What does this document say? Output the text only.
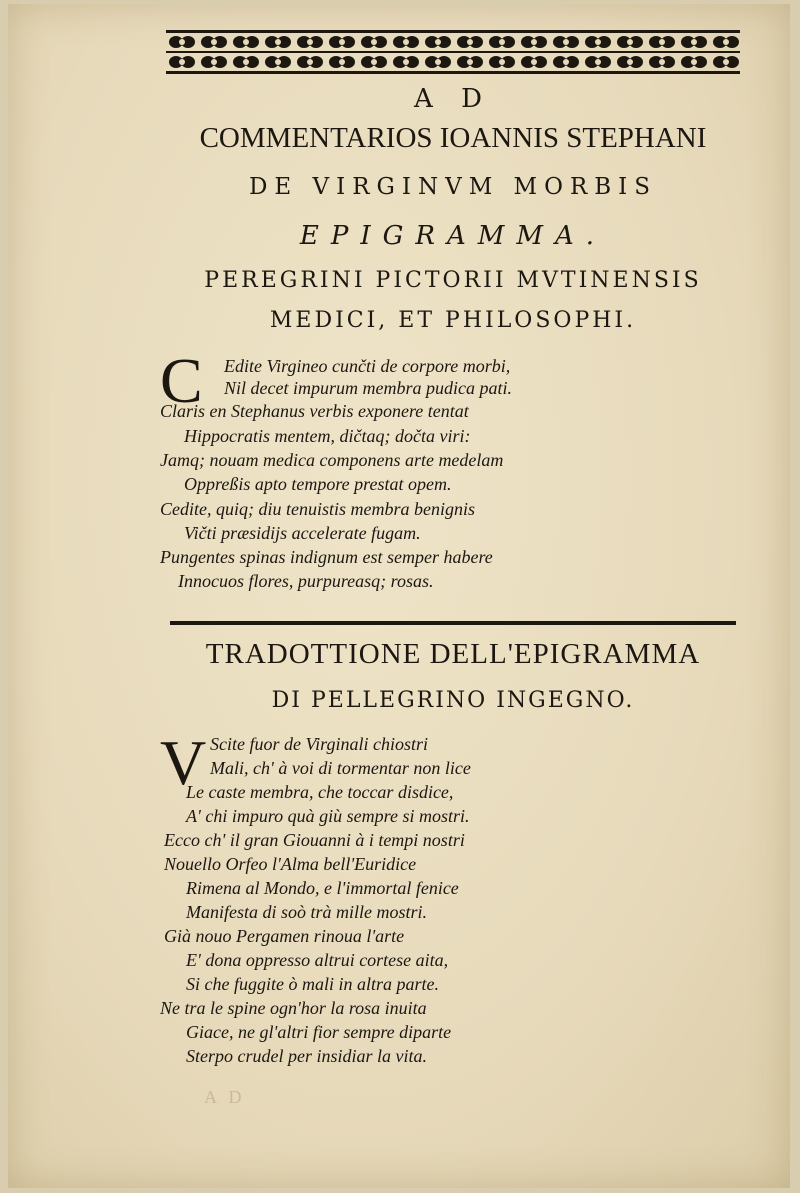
A D
COMMENTARIOS IOANNIS STEPHANI
DE VIRGINVM MORBIS
EPIGRAMMA.
PEREGRINI PICTORII MVTINENSIS
MEDICI, ET PHILOSOPHI.
C Edite Virgineo cunčti de corpore morbi,
Nil decet impurum membra pudica pati.
Claris en Stephanus verbis exponere tentat
Hippocratis mentem, dičtaq; dočta viri:
Jamq; nouam medica componens arte medelam
Oppreßis apto tempore prestat opem.
Cedite, quiq; diu tenuistis membra benignis
Vičti præsidijs accelerate fugam.
Pungentes spinas indignum est semper habere
Innocuos flores, purpureasq; rosas.
TRADOTTIONE DELL'EPIGRAMMA
DI PELLEGRINO INGEGNO.
V Scite fuor de Virginali chiostri
Mali, ch' à voi di tormentar non lice
Le caste membra, che toccar disdice,
A' chi impuro quà giù sempre si mostri.
Ecco ch' il gran Giouanni à i tempi nostri
Nouello Orfeo l'Alma bell'Euridice
Rimena al Mondo, e l'immortal fenice
Manifesta di soò trà mille mostri.
Già nouo Pergamen rinoua l'arte
E' dona oppresso altrui cortese aita,
Si che fuggite ò mali in altra parte.
Ne tra le spine ogn'hor la rosa inuita
Giace, ne gl'altri fior sempre diparte
Sterpo crudel per insidiar la vita.
A D
